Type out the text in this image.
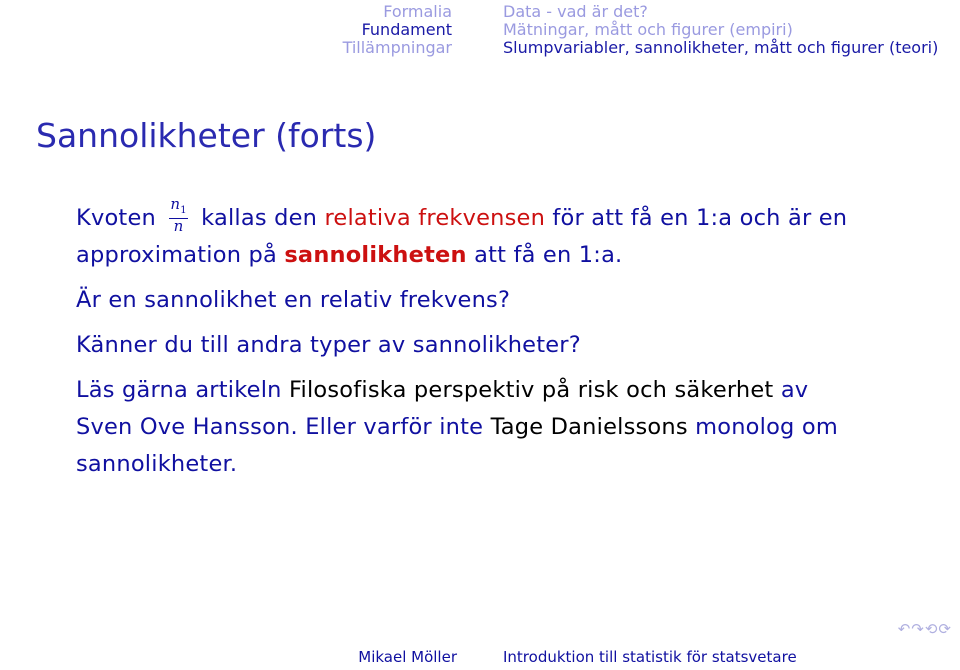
Formalia
Fundament
Tillämpningar
Data - vad är det?
Mätningar, mått och figurer (empiri)
Slumpvariabler, sannolikheter, mått och figurer (teori)
Sannolikheter (forts)
Kvoten $\frac{n_1}{n}$ kallas den relativa frekvensen för att få en 1:a och är en
approximation på sannolikheten att få en 1:a.
Är en sannolikhet en relativ frekvens?
Känner du till andra typer av sannolikheter?
Läs gärna artikeln Filosofiska perspektiv på risk och säkerhet av
Sven Ove Hansson. Eller varför inte Tage Danielssons monolog om
sannolikheter.
↶↷⟲⟳
Mikael Möller	Introduktion till statistik för statsvetare
